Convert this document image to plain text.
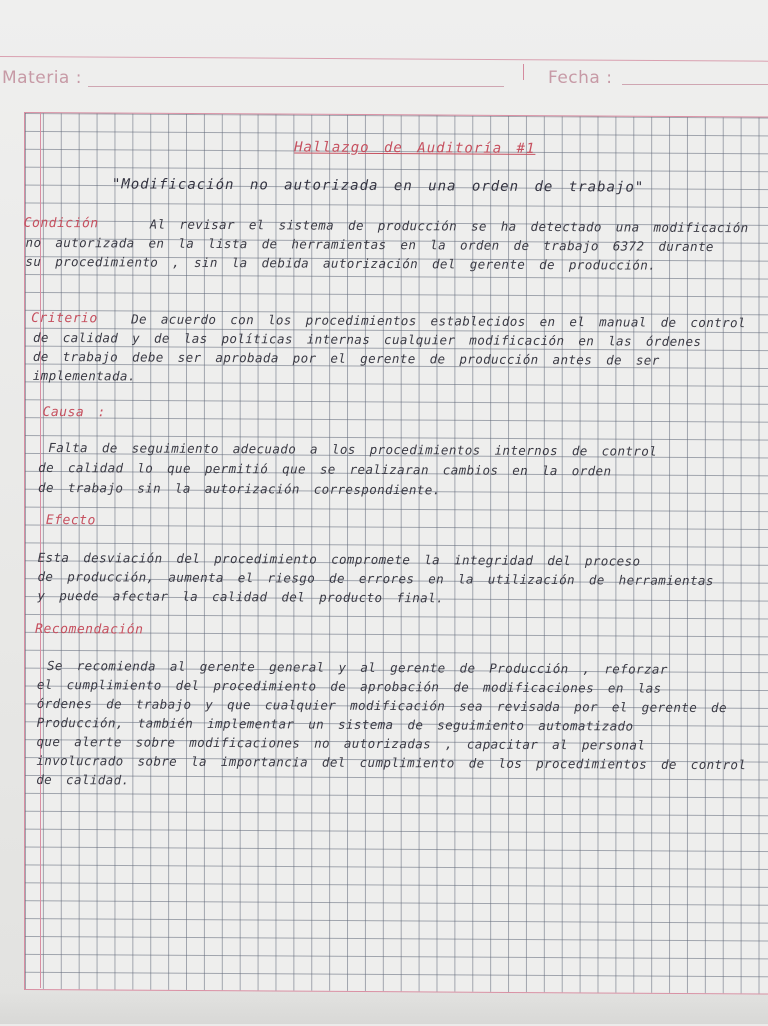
Materia :	Fecha :
Hallazgo de Auditoría #1
"Modificación no autorizada en una orden de trabajo"
Condición	Al revisar el sistema de producción se ha detectado una modificación
no autorizada en la lista de herramientas en la orden de trabajo 6372 durante
su procedimiento , sin la debida autorización del gerente de producción.
Criterio	De acuerdo con los procedimientos establecidos en el manual de control
de calidad y de las políticas internas cualquier modificación en las órdenes
de trabajo debe ser aprobada por el gerente de producción antes de ser
implementada.
Causa :
Falta de seguimiento adecuado a los procedimientos internos de control
de calidad lo que permitió que se realizaran cambios en la orden
de trabajo sin la autorización correspondiente.
Efecto
Esta desviación del procedimiento compromete la integridad del proceso
de producción, aumenta el riesgo de errores en la utilización de herramientas
y puede afectar la calidad del producto final.
Recomendación
Se recomienda al gerente general y al gerente de Producción , reforzar
el cumplimiento del procedimiento de aprobación de modificaciones en las
órdenes de trabajo y que cualquier modificación sea revisada por el gerente de
Producción, también implementar un sistema de seguimiento automatizado
que alerte sobre modificaciones no autorizadas , capacitar al personal
involucrado sobre la importancia del cumplimiento de los procedimientos de control
de calidad.
